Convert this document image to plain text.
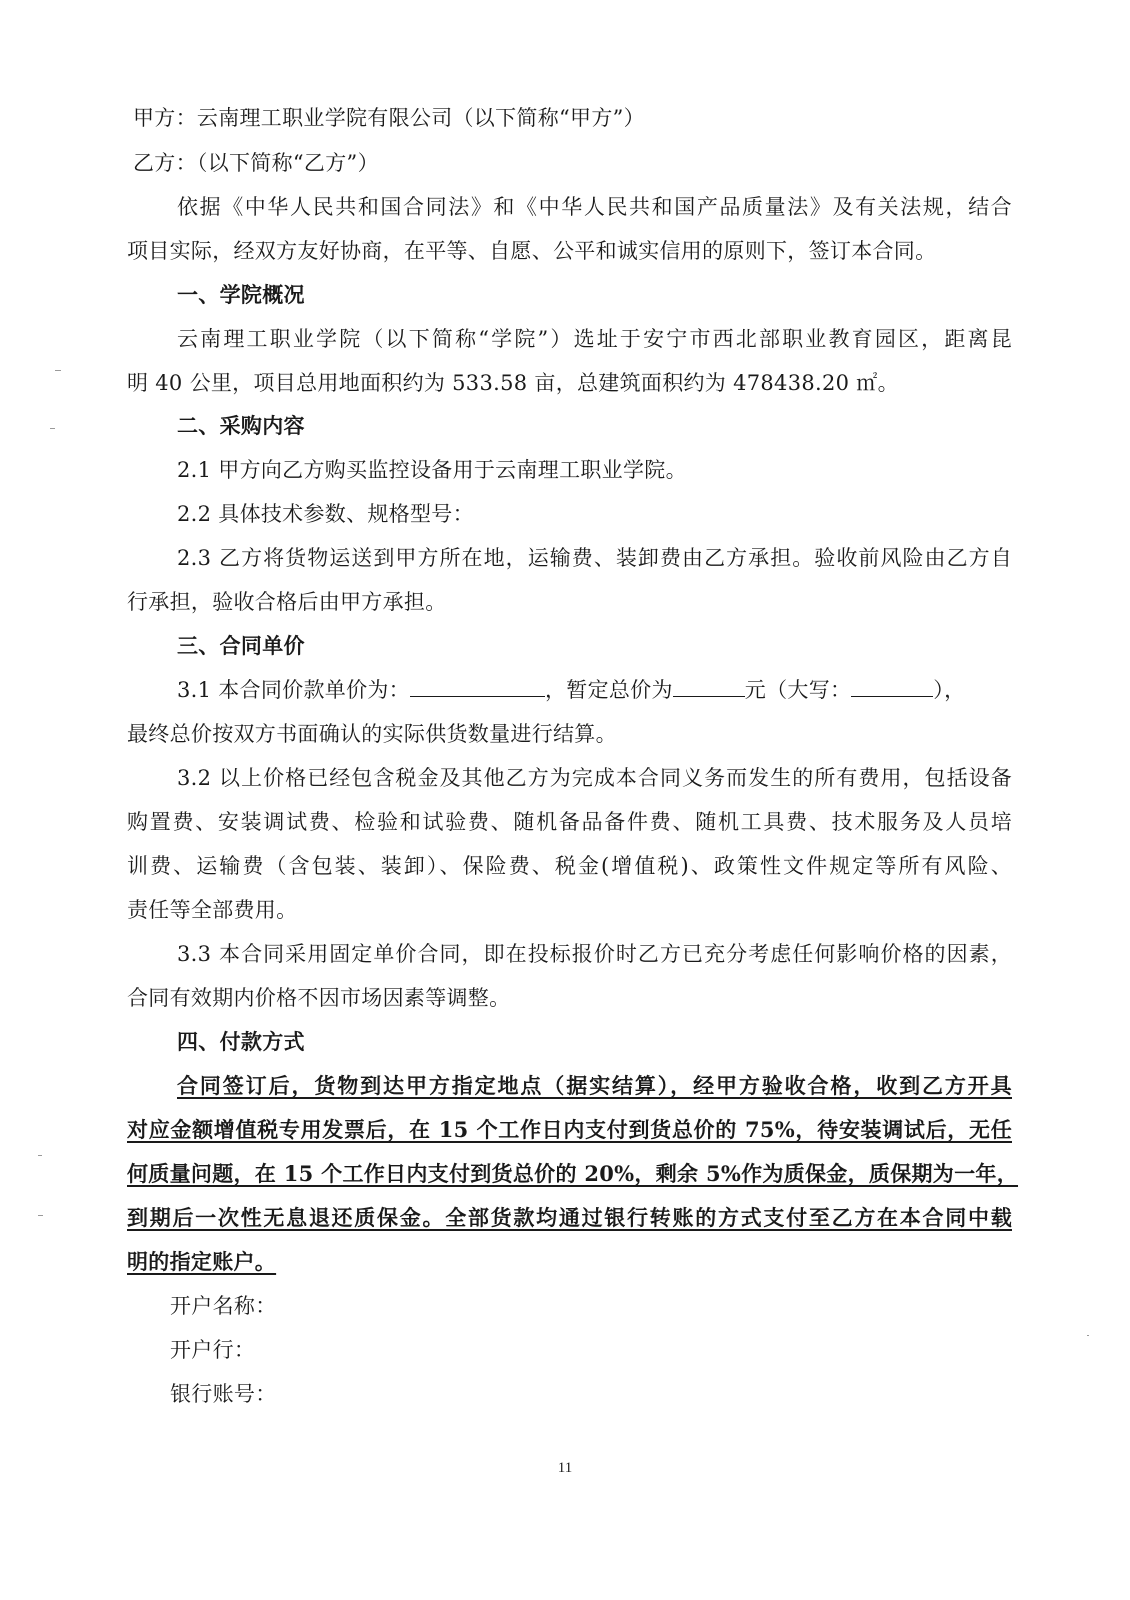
甲方：云南理工职业学院有限公司（以下简称“甲方”）
乙方：（以下简称“乙方”）
依据《中华人民共和国合同法》和《中华人民共和国产品质量法》及有关法规，结合
项目实际，经双方友好协商，在平等、自愿、公平和诚实信用的原则下，签订本合同。
一、学院概况
云南理工职业学院（以下简称“学院”）选址于安宁市西北部职业教育园区，距离昆
明 40 公里，项目总用地面积约为 533.58 亩，总建筑面积约为 478438.20 ㎡。
二、采购内容
2.1 甲方向乙方购买监控设备用于云南理工职业学院。
2.2 具体技术参数、规格型号：
2.3 乙方将货物运送到甲方所在地，运输费、装卸费由乙方承担。验收前风险由乙方自
行承担，验收合格后由甲方承担。
三、合同单价
3.1 本合同价款单价为：	，暂定总价为	元（大写：	），
最终总价按双方书面确认的实际供货数量进行结算。
3.2 以上价格已经包含税金及其他乙方为完成本合同义务而发生的所有费用，包括设备
购置费、安装调试费、检验和试验费、随机备品备件费、随机工具费、技术服务及人员培
训费、运输费（含包装、装卸）、保险费、税金(增值税)、政策性文件规定等所有风险、
责任等全部费用。
3.3 本合同采用固定单价合同，即在投标报价时乙方已充分考虑任何影响价格的因素，
合同有效期内价格不因市场因素等调整。
四、付款方式
合同签订后，货物到达甲方指定地点（据实结算），经甲方验收合格，收到乙方开具
对应金额增值税专用发票后，在 15 个工作日内支付到货总价的 75%，待安装调试后，无任
何质量问题，在 15 个工作日内支付到货总价的 20%，剩余 5%作为质保金，质保期为一年，
到期后一次性无息退还质保金。全部货款均通过银行转账的方式支付至乙方在本合同中载
明的指定账户。
开户名称：
开户行：
银行账号：
11
